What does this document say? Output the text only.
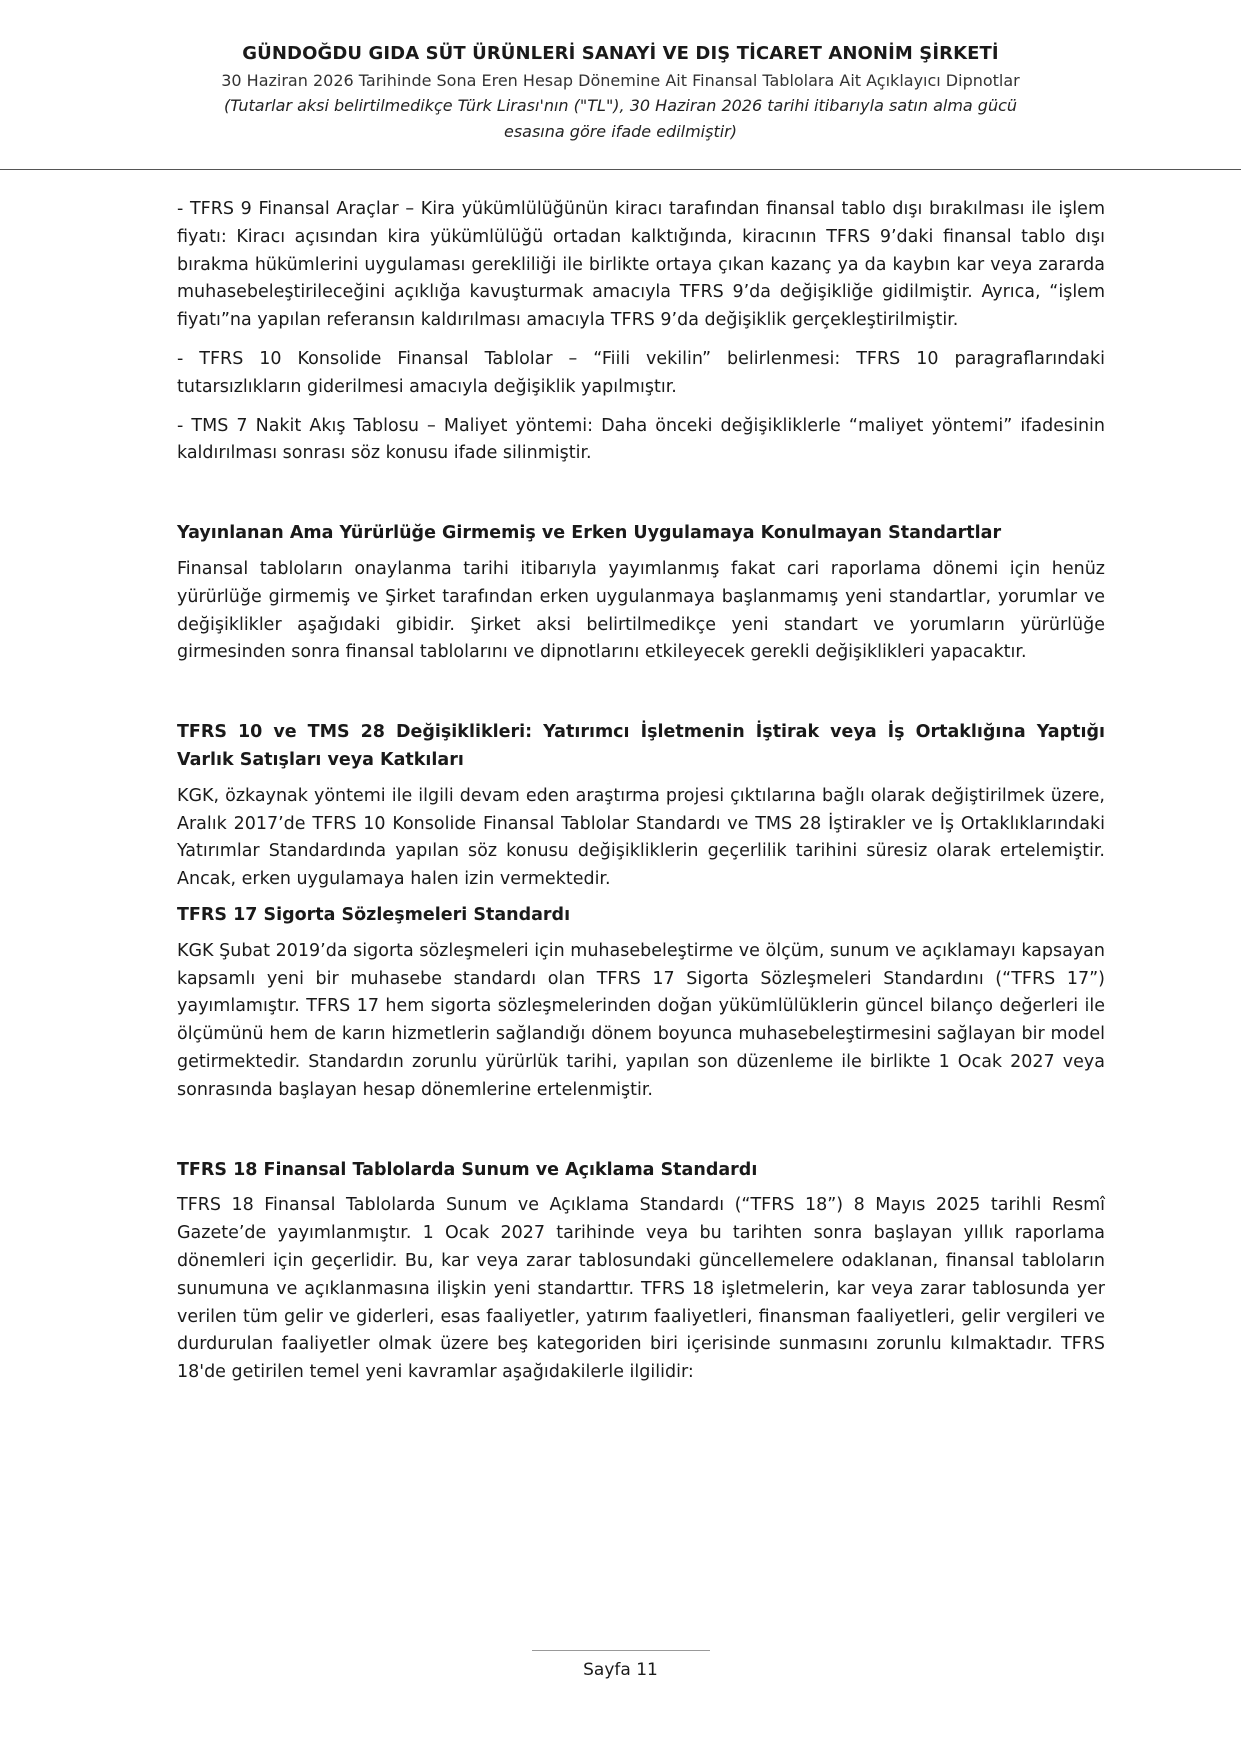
GÜNDOĞDU GIDA SÜT ÜRÜNLERİ SANAYİ VE DIŞ TİCARET ANONİM ŞİRKETİ
30 Haziran 2026 Tarihinde Sona Eren Hesap Dönemine Ait Finansal Tablolara Ait Açıklayıcı Dipnotlar
(Tutarlar aksi belirtilmedikçe Türk Lirası'nın ("TL"), 30 Haziran 2026 tarihi itibarıyla satın alma gücü esasına göre ifade edilmiştir)

- TFRS 9 Finansal Araçlar – Kira yükümlülüğünün kiracı tarafından finansal tablo dışı bırakılması ile işlem fiyatı: Kiracı açısından kira yükümlülüğü ortadan kalktığında, kiracının TFRS 9’daki finansal tablo dışı bırakma hükümlerini uygulaması gerekliliği ile birlikte ortaya çıkan kazanç ya da kaybın kar veya zararda muhasebeleştirileceğini açıklığa kavuşturmak amacıyla TFRS 9’da değişikliğe gidilmiştir. Ayrıca, “işlem fiyatı”na yapılan referansın kaldırılması amacıyla TFRS 9’da değişiklik gerçekleştirilmiştir.

- TFRS 10 Konsolide Finansal Tablolar – “Fiili vekilin” belirlenmesi: TFRS 10 paragraflarındaki tutarsızlıkların giderilmesi amacıyla değişiklik yapılmıştır.

- TMS 7 Nakit Akış Tablosu – Maliyet yöntemi: Daha önceki değişikliklerle “maliyet yöntemi” ifadesinin kaldırılması sonrası söz konusu ifade silinmiştir.

Yayınlanan Ama Yürürlüğe Girmemiş ve Erken Uygulamaya Konulmayan Standartlar

Finansal tabloların onaylanma tarihi itibarıyla yayımlanmış fakat cari raporlama dönemi için henüz yürürlüğe girmemiş ve Şirket tarafından erken uygulanmaya başlanmamış yeni standartlar, yorumlar ve değişiklikler aşağıdaki gibidir. Şirket aksi belirtilmedikçe yeni standart ve yorumların yürürlüğe girmesinden sonra finansal tablolarını ve dipnotlarını etkileyecek gerekli değişiklikleri yapacaktır.

TFRS 10 ve TMS 28 Değişiklikleri: Yatırımcı İşletmenin İştirak veya İş Ortaklığına Yaptığı Varlık Satışları veya Katkıları

KGK, özkaynak yöntemi ile ilgili devam eden araştırma projesi çıktılarına bağlı olarak değiştirilmek üzere, Aralık 2017’de TFRS 10 Konsolide Finansal Tablolar Standardı ve TMS 28 İştirakler ve İş Ortaklıklarındaki Yatırımlar Standardında yapılan söz konusu değişikliklerin geçerlilik tarihini süresiz olarak ertelemiştir. Ancak, erken uygulamaya halen izin vermektedir.

TFRS 17 Sigorta Sözleşmeleri Standardı

KGK Şubat 2019’da sigorta sözleşmeleri için muhasebeleştirme ve ölçüm, sunum ve açıklamayı kapsayan kapsamlı yeni bir muhasebe standardı olan TFRS 17 Sigorta Sözleşmeleri Standardını (“TFRS 17”) yayımlamıştır. TFRS 17 hem sigorta sözleşmelerinden doğan yükümlülüklerin güncel bilanço değerleri ile ölçümünü hem de karın hizmetlerin sağlandığı dönem boyunca muhasebeleştirmesini sağlayan bir model getirmektedir. Standardın zorunlu yürürlük tarihi, yapılan son düzenleme ile birlikte 1 Ocak 2027 veya sonrasında başlayan hesap dönemlerine ertelenmiştir.

TFRS 18 Finansal Tablolarda Sunum ve Açıklama Standardı

TFRS 18 Finansal Tablolarda Sunum ve Açıklama Standardı (“TFRS 18”) 8 Mayıs 2025 tarihli Resmî Gazete’de yayımlanmıştır. 1 Ocak 2027 tarihinde veya bu tarihten sonra başlayan yıllık raporlama dönemleri için geçerlidir. Bu, kar veya zarar tablosundaki güncellemelere odaklanan, finansal tabloların sunumuna ve açıklanmasına ilişkin yeni standarttır. TFRS 18 işletmelerin, kar veya zarar tablosunda yer verilen tüm gelir ve giderleri, esas faaliyetler, yatırım faaliyetleri, finansman faaliyetleri, gelir vergileri ve durdurulan faaliyetler olmak üzere beş kategoriden biri içerisinde sunmasını zorunlu kılmaktadır. TFRS 18'de getirilen temel yeni kavramlar aşağıdakilerle ilgilidir:

Sayfa 11
